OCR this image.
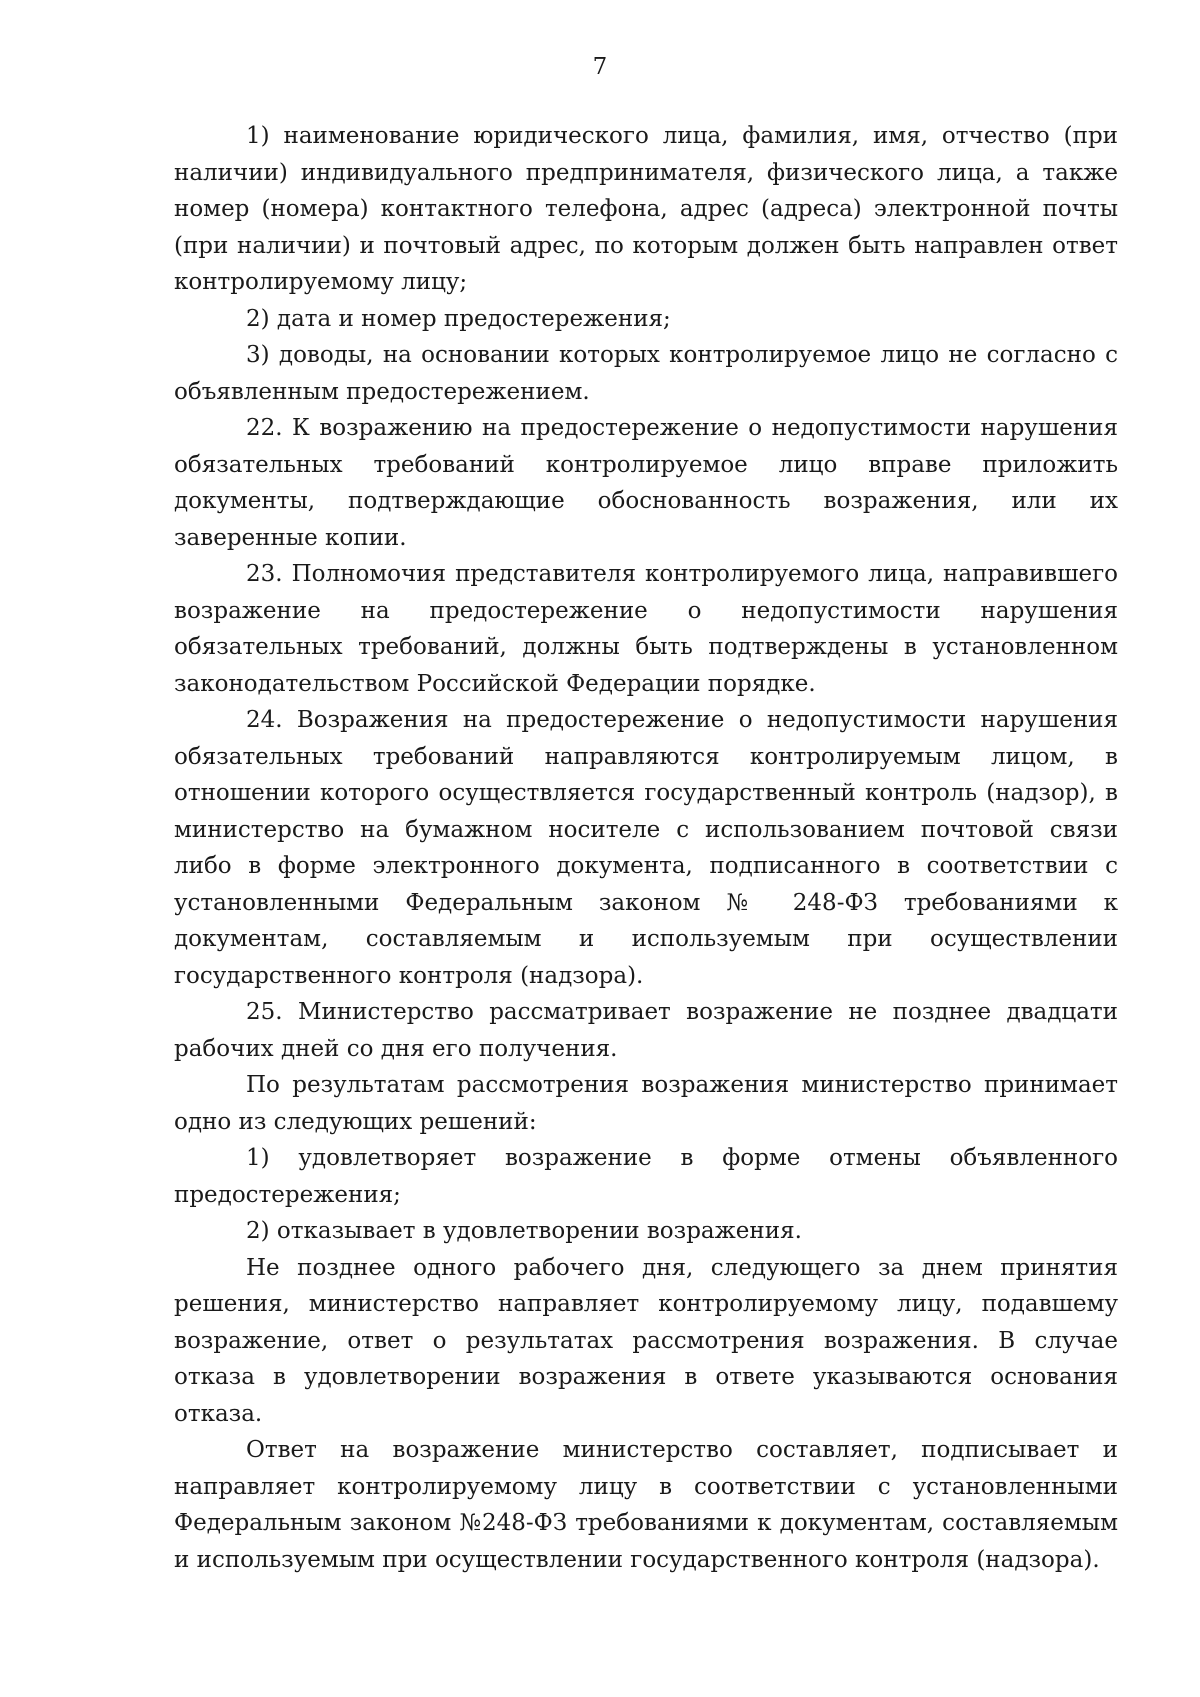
7

1) наименование юридического лица, фамилия, имя, отчество (при наличии) индивидуального предпринимателя, физического лица, а также номер (номера) контактного телефона, адрес (адреса) электронной почты (при наличии) и почтовый адрес, по которым должен быть направлен ответ контролируемому лицу;

2) дата и номер предостережения;

3) доводы, на основании которых контролируемое лицо не согласно с объявленным предостережением.

22. К возражению на предостережение о недопустимости нарушения обязательных требований контролируемое лицо вправе приложить документы, подтверждающие обоснованность возражения, или их заверенные копии.

23. Полномочия представителя контролируемого лица, направившего возражение на предостережение о недопустимости нарушения обязательных требований, должны быть подтверждены в установленном законодательством Российской Федерации порядке.

24. Возражения на предостережение о недопустимости нарушения обязательных требований направляются контролируемым лицом, в отношении которого осуществляется государственный контроль (надзор), в министерство на бумажном носителе с использованием почтовой связи либо в форме электронного документа, подписанного в соответствии с установленными Федеральным законом № 248-ФЗ требованиями к документам, составляемым и используемым при осуществлении государственного контроля (надзора).

25. Министерство рассматривает возражение не позднее двадцати рабочих дней со дня его получения.

По результатам рассмотрения возражения министерство принимает одно из следующих решений:

1) удовлетворяет возражение в форме отмены объявленного предостережения;

2) отказывает в удовлетворении возражения.

Не позднее одного рабочего дня, следующего за днем принятия решения, министерство направляет контролируемому лицу, подавшему возражение, ответ о результатах рассмотрения возражения. В случае отказа в удовлетворении возражения в ответе указываются основания отказа.

Ответ на возражение министерство составляет, подписывает и направляет контролируемому лицу в соответствии с установленными Федеральным законом №248-ФЗ требованиями к документам, составляемым и используемым при осуществлении государственного контроля (надзора).
